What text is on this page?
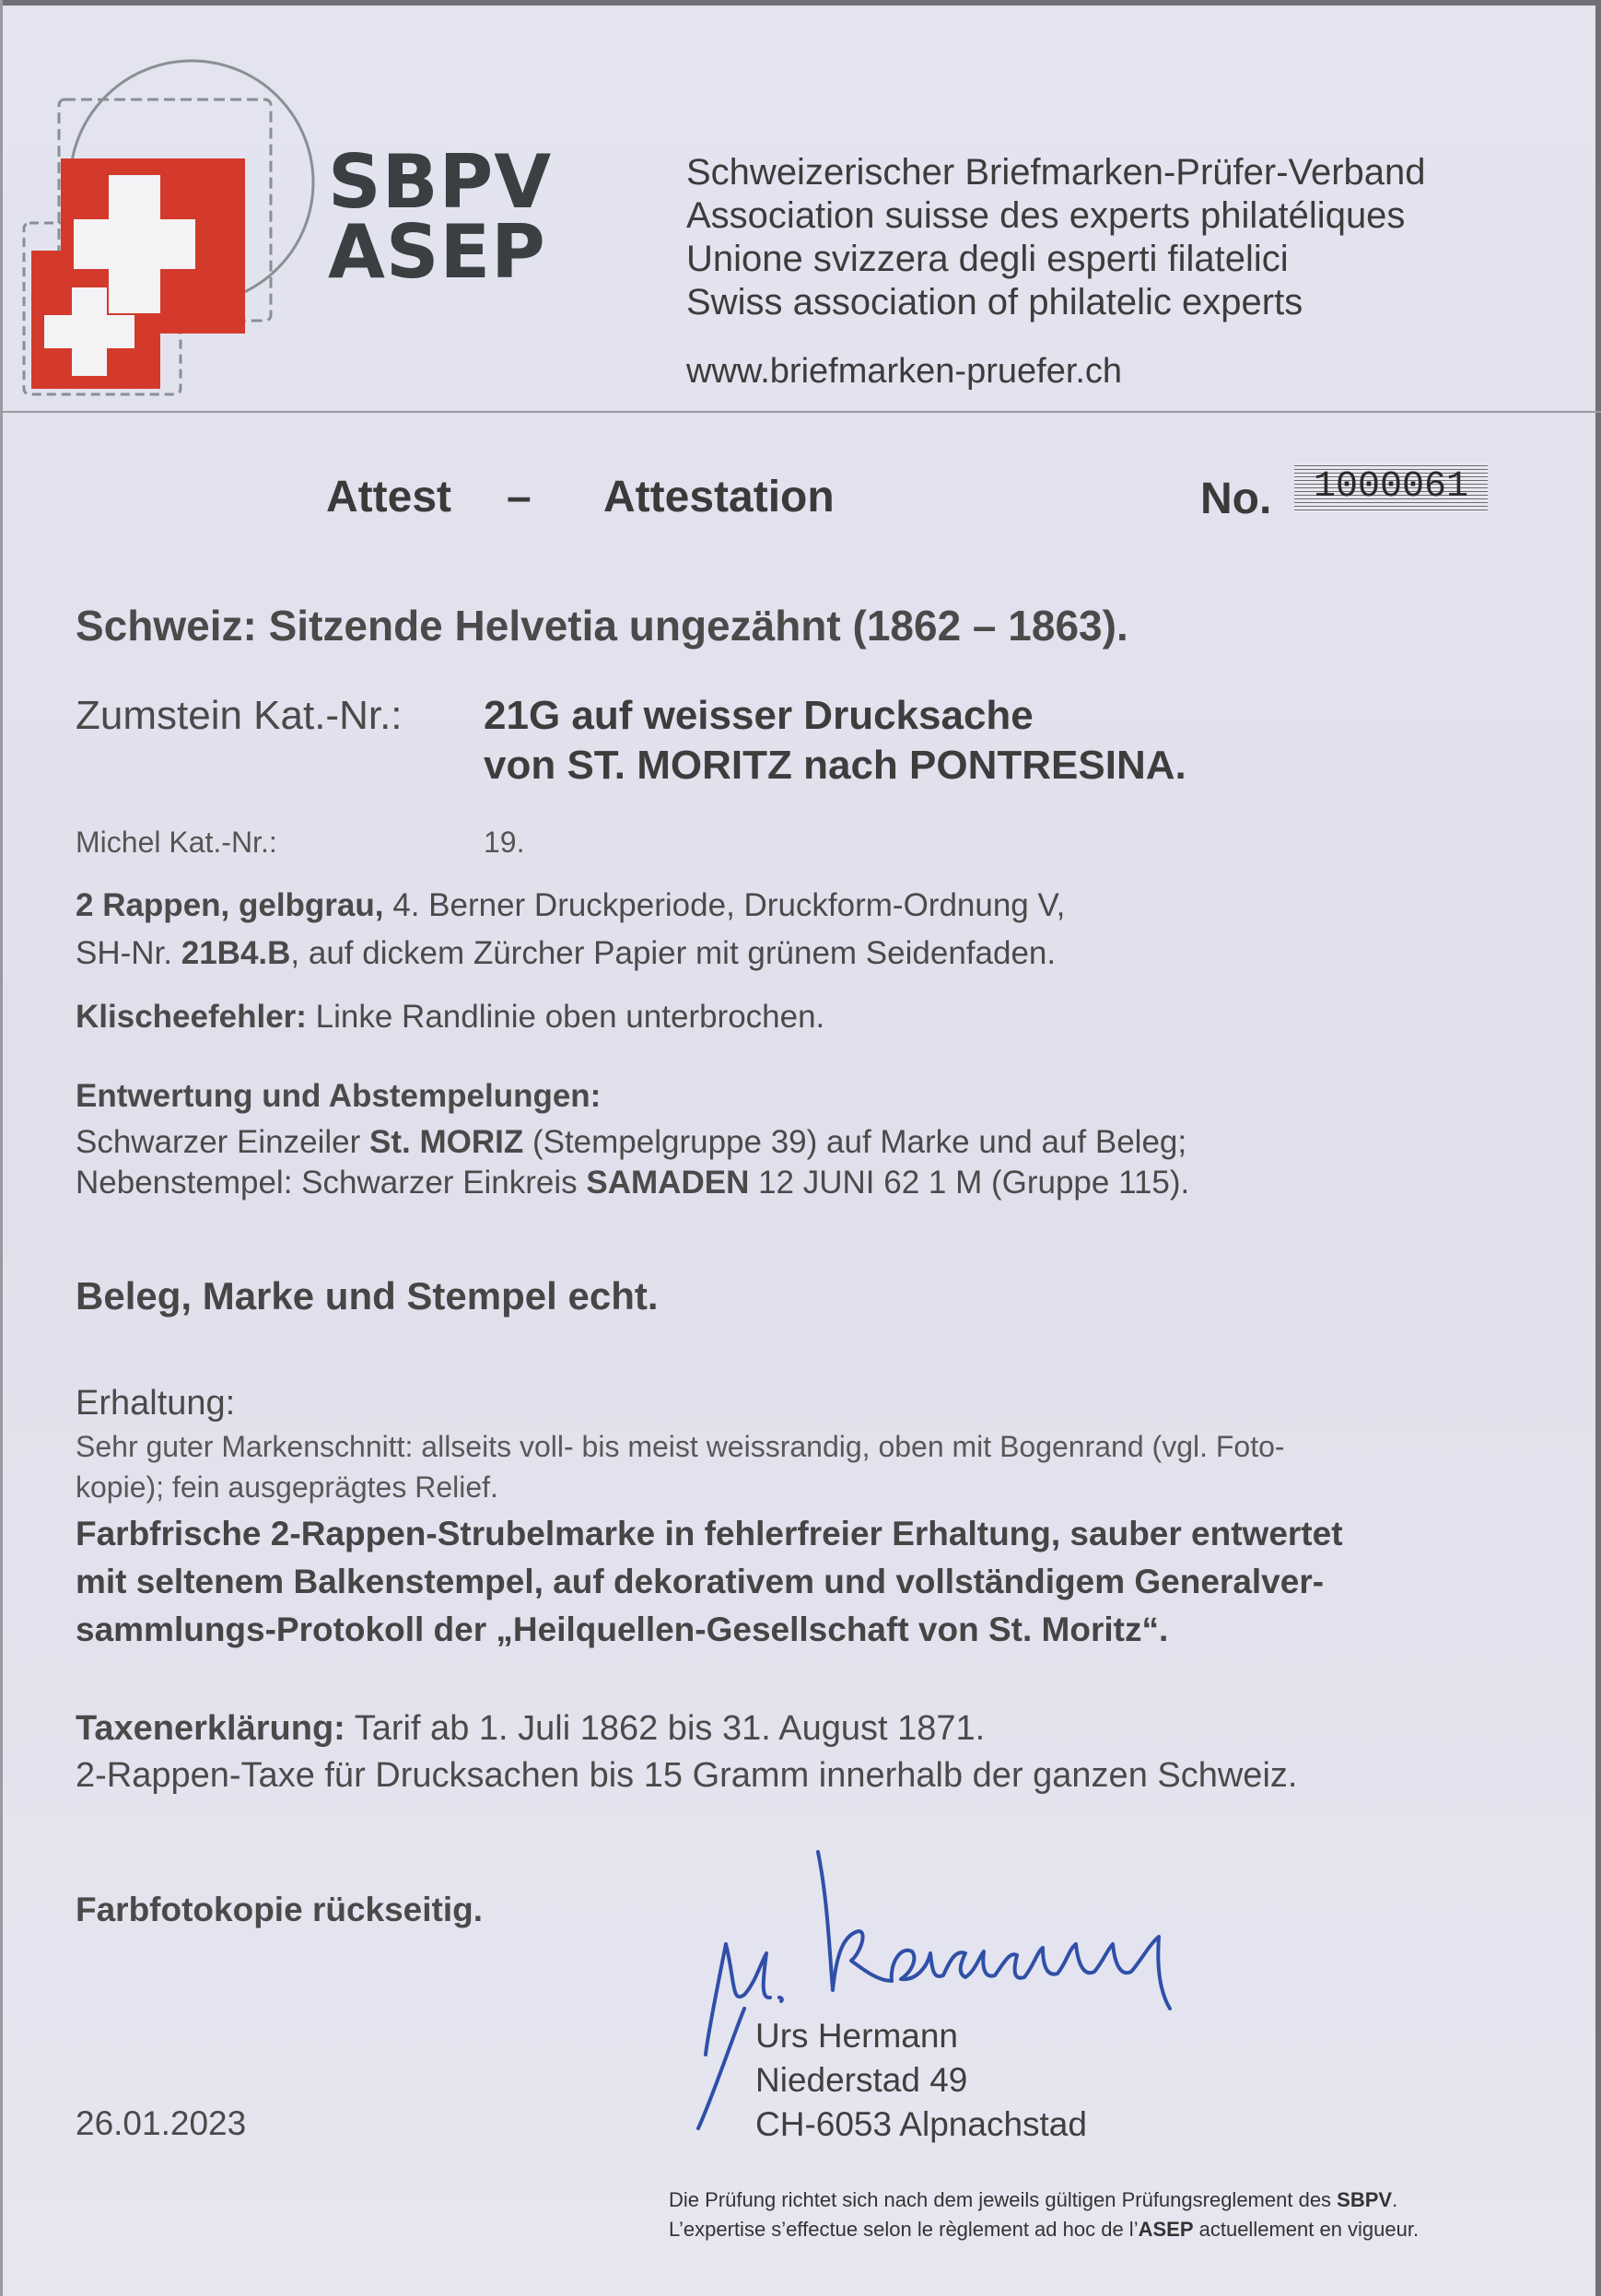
SBPV
ASEP
Schweizerischer Briefmarken-Prüfer-Verband
Association suisse des experts philatéliques
Unione svizzera degli esperti filatelici
Swiss association of philatelic experts
www.briefmarken-pruefer.ch
Attest – Attestation	No.	1000061
Schweiz: Sitzende Helvetia ungezähnt (1862 – 1863).
Zumstein Kat.-Nr.: 21G auf weisser Drucksache
von ST. MORITZ nach PONTRESINA.
Michel Kat.-Nr.:	19.
2 Rappen, gelbgrau, 4. Berner Druckperiode, Druckform-Ordnung V,
SH-Nr. 21B4.B, auf dickem Zürcher Papier mit grünem Seidenfaden.
Klischeefehler: Linke Randlinie oben unterbrochen.
Entwertung und Abstempelungen:
Schwarzer Einzeiler St. MORIZ (Stempelgruppe 39) auf Marke und auf Beleg;
Nebenstempel: Schwarzer Einkreis SAMADEN 12 JUNI 62 1 M (Gruppe 115).
Beleg, Marke und Stempel echt.
Erhaltung:
Sehr guter Markenschnitt: allseits voll- bis meist weissrandig, oben mit Bogenrand (vgl. Foto-
kopie); fein ausgeprägtes Relief.
Farbfrische 2-Rappen-Strubelmarke in fehlerfreier Erhaltung, sauber entwertet
mit seltenem Balkenstempel, auf dekorativem und vollständigem Generalver-
sammlungs-Protokoll der „Heilquellen-Gesellschaft von St. Moritz“.
Taxenerklärung: Tarif ab 1. Juli 1862 bis 31. August 1871.
2-Rappen-Taxe für Drucksachen bis 15 Gramm innerhalb der ganzen Schweiz.
Farbfotokopie rückseitig.
26.01.2023
Urs Hermann
Niederstad 49
CH-6053 Alpnachstad
Die Prüfung richtet sich nach dem jeweils gültigen Prüfungsreglement des SBPV.
L’expertise s’effectue selon le règlement ad hoc de l’ASEP actuellement en vigueur.
